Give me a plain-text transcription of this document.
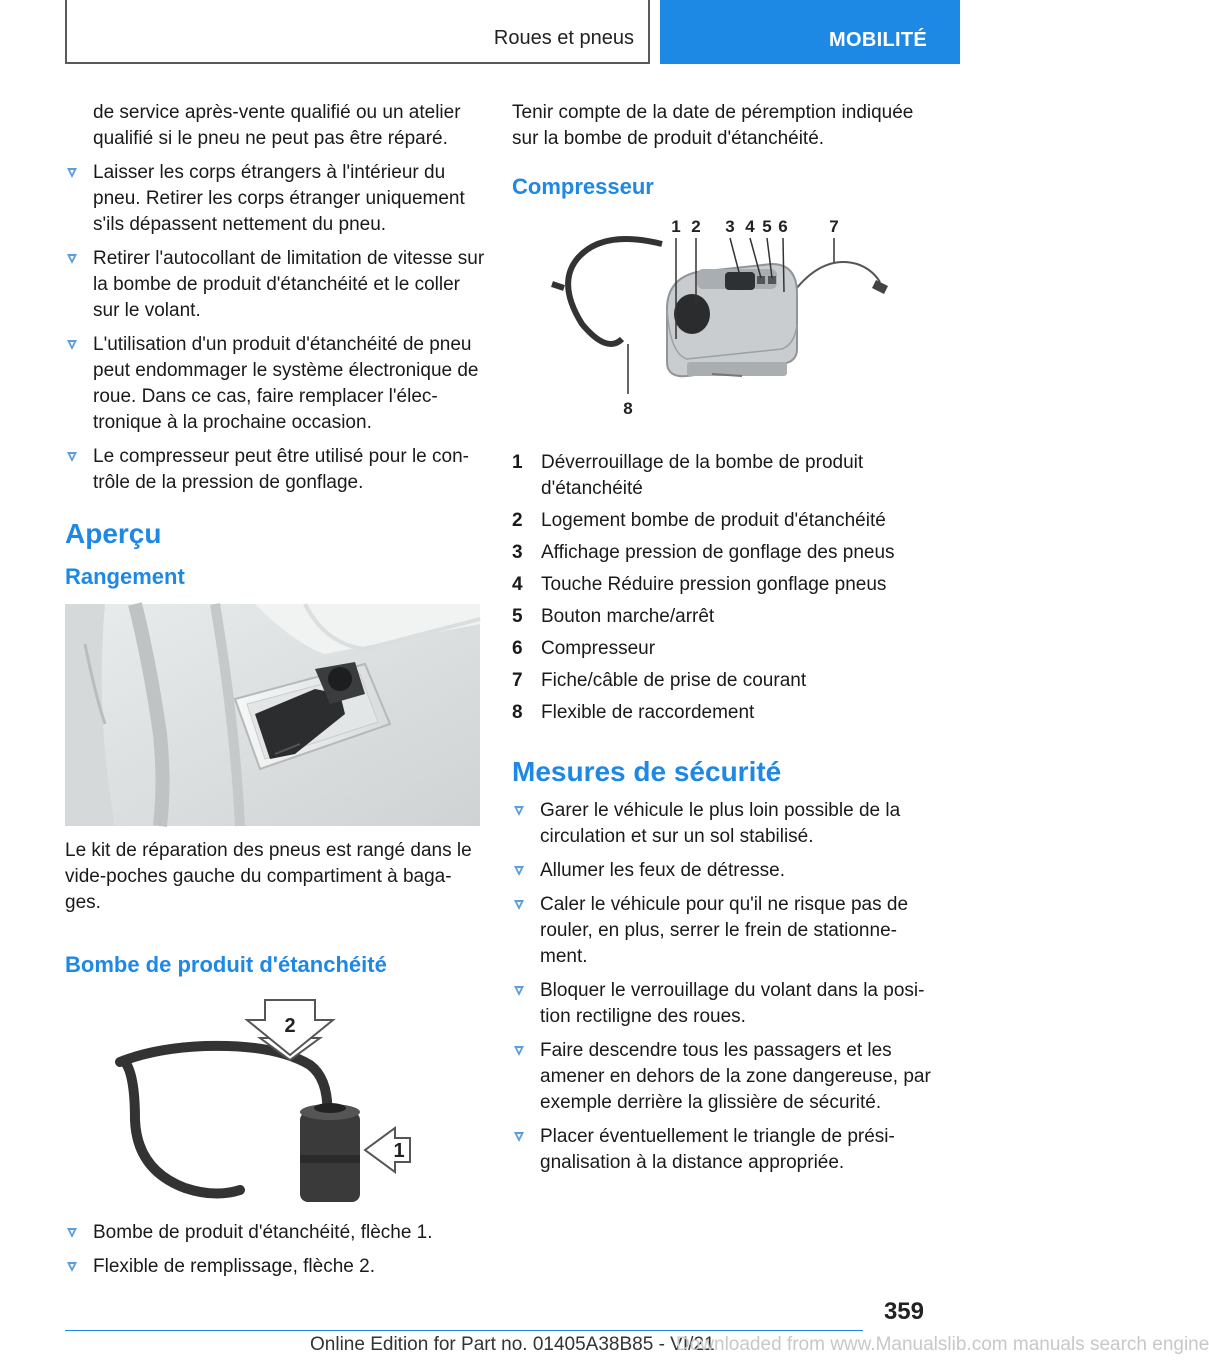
Roues et pneus	MOBILITÉ

de service après-vente qualifié ou un atelier qualifié si le pneu ne peut pas être réparé.

Laisser les corps étrangers à l'intérieur du pneu. Retirer les corps étranger uniquement s'ils dépassent nettement du pneu.
Retirer l'autocollant de limitation de vitesse sur la bombe de produit d'étanchéité et le coller sur le volant.
L'utilisation d'un produit d'étanchéité de pneu peut endommager le système électronique de roue. Dans ce cas, faire remplacer l'élec‐tronique à la prochaine occasion.
Le compresseur peut être utilisé pour le con‐trôle de la pression de gonflage.
Aperçu
Rangement

Le kit de réparation des pneus est rangé dans le vide-poches gauche du compartiment à baga‐ges.

Bombe de produit d'étanchéité
2
1
Bombe de produit d'étanchéité, flèche 1.
Flexible de remplissage, flèche 2.

Tenir compte de la date de péremption indiquée sur la bombe de produit d'étanchéité.

Compresseur
1 2 3 4 5 6 7
8
1 Déverrouillage de la bombe de produit d'étanchéité
2 Logement bombe de produit d'étanchéité
3 Affichage pression de gonflage des pneus
4 Touche Réduire pression gonflage pneus
5 Bouton marche/arrêt
6 Compresseur
7 Fiche/câble de prise de courant
8 Flexible de raccordement
Mesures de sécurité
Garer le véhicule le plus loin possible de la circulation et sur un sol stabilisé.
Allumer les feux de détresse.
Caler le véhicule pour qu'il ne risque pas de rouler, en plus, serrer le frein de stationne‐ment.
Bloquer le verrouillage du volant dans la posi‐tion rectiligne des roues.
Faire descendre tous les passagers et les amener en dehors de la zone dangereuse, par exemple derrière la glissière de sécurité.
Placer éventuellement le triangle de prési‐gnalisation à la distance appropriée.
359
Online Edition for Part no. 01405A38B85 - VI/21
Downloaded from www.Manualslib.com manuals search engine
